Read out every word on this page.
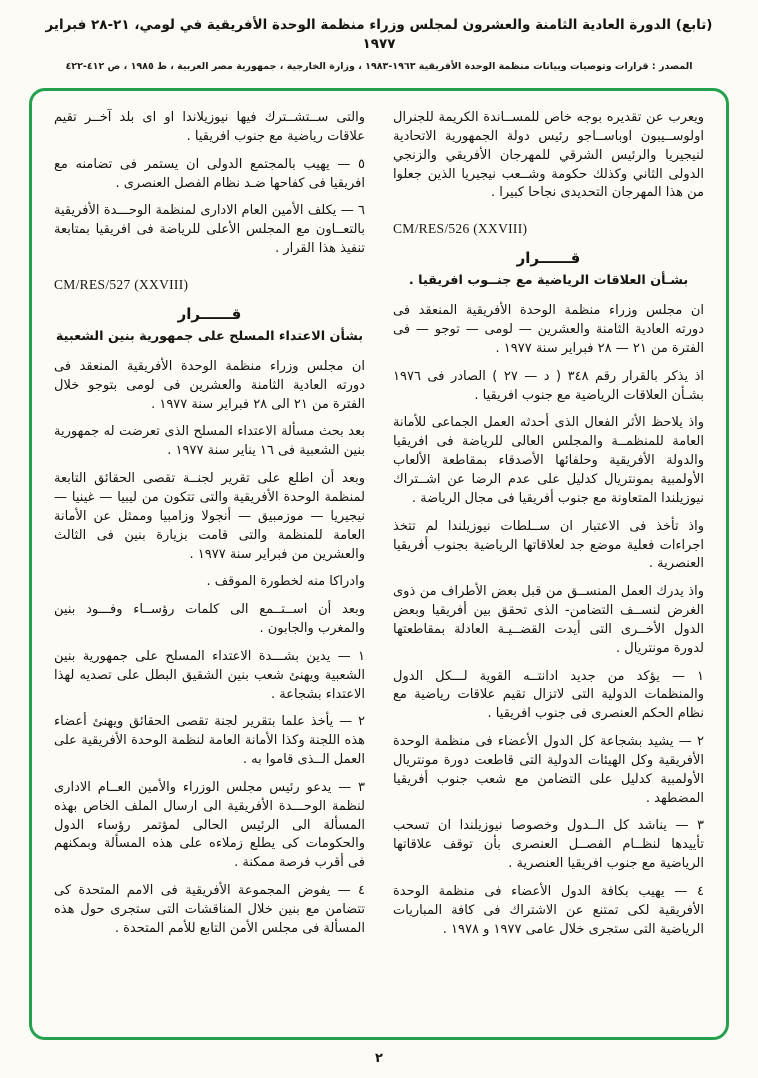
(تابع) الدورة العادية الثامنة والعشرون لمجلس وزراء منظمة الوحدة الأفريقية في لومي، ٢١-٢٨ فبراير ١٩٧٧
المصدر : قرارات وتوصيات وبيانات منظمة الوحدة الأفريقية ١٩٦٣-١٩٨٣ ، وزارة الخارجية ، جمهورية مصر العربية ، ط ١٩٨٥ ، ص ٤١٢-٤٢٢
ويعرب عن تقديره بوجه خاص للمســاندة الكريمة للجنرال اولوســيبون اوباســاجو رئيس دولة الجمهورية الاتحادية لنيجيريا والرئيس الشرقي للمهرجان الأفريقي والزنجي الدولى الثاني وكذلك حكومة وشــعب نيجيريا الذين جعلوا من هذا المهرجان التحديدى نجاحا كبيرا .
CM/RES/526 (XXVIII)
قــــــرار
بشـأن العلاقات الرياضية مع جنــوب افريقيا .
ان مجلس وزراء منظمة الوحدة الأفريقية المنعقد فى دورته العادية الثامنة والعشرين — لومى — توجو — فى الفترة من ٢١ — ٢٨ فبراير سنة ١٩٧٧ .
اذ يذكر بالقرار رقم ٣٤٨ ( د — ٢٧ ) الصادر فى ١٩٧٦ بشـأن العلاقات الرياضية مع جنوب افريقيا .
واذ يلاحظ الأثر الفعال الذى أحدثه العمل الجماعى للأمانة العامة للمنظمــة والمجلس العالى للرياضة فى افريقيا والدولة الأفريقية وحلفائها الأصدقاء بمقاطعة الألعاب الأولمبية بمونتريال كدليل على عدم الرضا عن اشــتراك نيوزيلندا المتعاونة مع جنوب أفريقيا فى مجال الرياضة .
واذ تأخذ فى الاعتبار ان ســلطات نيوزيلندا لم تتخذ اجراءات فعلية موضع جد لعلاقاتها الرياضية بجنوب أفريقيا العنصرية .
واذ يدرك العمل المنســق من قبل بعض الأطراف من ذوى الغرض لنســف التضامن- الذى تحقق بين أفريقيا وبعض الدول الأخــرى التى أيدت القضــيـة العادلة بمقاطعتها لدورة مونتريال .
١ — يؤكد من جديد ادانتــه القوية لـــكل الدول والمنظمات الدولية التى لاتزال تقيم علاقات رياضية مع نظام الحكم العنصرى فى جنوب افريقيا .
٢ — يشيد بشجاعة كل الدول الأعضاء فى منظمة الوحدة الأفريقية وكل الهيئات الدولية التى قاطعت دورة مونتريال الأولمبية كدليل على التضامن مع شعب جنوب أفريقيا المضطهد .
٣ — يناشد كل الــدول وخصوصا نيوزيلندا ان تسحب تأييدها لنظــام الفصــل العنصرى بأن توقف علاقاتها الرياضية مع جنوب افريقيا العنصرية .
٤ — يهيب بكافة الدول الأعضاء فى منظمة الوحدة الأفريقية لكى تمتنع عن الاشتراك فى كافة المباريات الرياضية التى ستجرى خلال عامى ١٩٧٧ و ١٩٧٨ .
والتى ســتشــترك فيها نيوزيلاندا او اى بلد آخــر تقيم علاقات رياضية مع جنوب افريقيا .
٥ — يهيب بالمجتمع الدولى ان يستمر فى تضامنه مع افريقيا فى كفاحها ضـد نظام الفصل العنصرى .
٦ — يكلف الأمين العام الادارى لمنظمة الوحـــدة الأفريقية بالتعــاون مع المجلس الأعلى للرياضة فى افريقيا بمتابعة تنفيذ هذا القرار .
CM/RES/527 (XXVIII)
قــــــرار
بشأن الاعتداء المسلح على جمهورية بنين الشعبية
ان مجلس وزراء منظمة الوحدة الأفريقية المنعقد فى دورته العادية الثامنة والعشرين فى لومى بتوجو خلال الفترة من ٢١ الى ٢٨ فبراير سنة ١٩٧٧ .
بعد بحث مسألة الاعتداء المسلح الذى تعرضت له جمهورية بنين الشعبية فى ١٦ يناير سنة ١٩٧٧ .
وبعد أن اطلع على تقرير لجنــة تقصى الحقائق التابعة لمنظمة الوحدة الأفريقية والتى تتكون من ليبيا — غينيا — نيجيريا — موزمبيق — أنجولا وزامبيا وممثل عن الأمانة العامة للمنظمة والتى قامت بزيارة بنين فى الثالث والعشرين من فبراير سنة ١٩٧٧ .
وادراكا منه لخطورة الموقف .
وبعد أن اســتــمع الى كلمات رؤســاء وفـــود بنين والمغرب والجابون .
١ — يدين بشـــدة الاعتداء المسلح على جمهورية بنين الشعبية ويهنئ شعب بنين الشقيق البطل على تصديه لهذا الاعتداء بشجاعة .
٢ — يأخذ علما بتقرير لجنة تقصى الحقائق ويهنئ أعضاء هذه اللجنة وكذا الأمانة العامة لنظمة الوحدة الأفريقية على العمل الــذى قاموا به .
٣ — يدعو رئيس مجلس الوزراء والأمين العــام الادارى لنظمة الوحـــدة الأفريقية الى ارسال الملف الخاص بهذه المسألة الى الرئيس الحالى لمؤتمر رؤساء الدول والحكومات كى يطلع زملاءه على هذه المسألة وبمكنهم فى أقرب فرصة ممكنة .
٤ — يفوض المجموعة الأفريقية فى الامم المتحدة كى تتضامن مع بنين خلال المناقشات التى ستجرى حول هذه المسألة فى مجلس الأمن التابع للأمم المتحدة .
٢
